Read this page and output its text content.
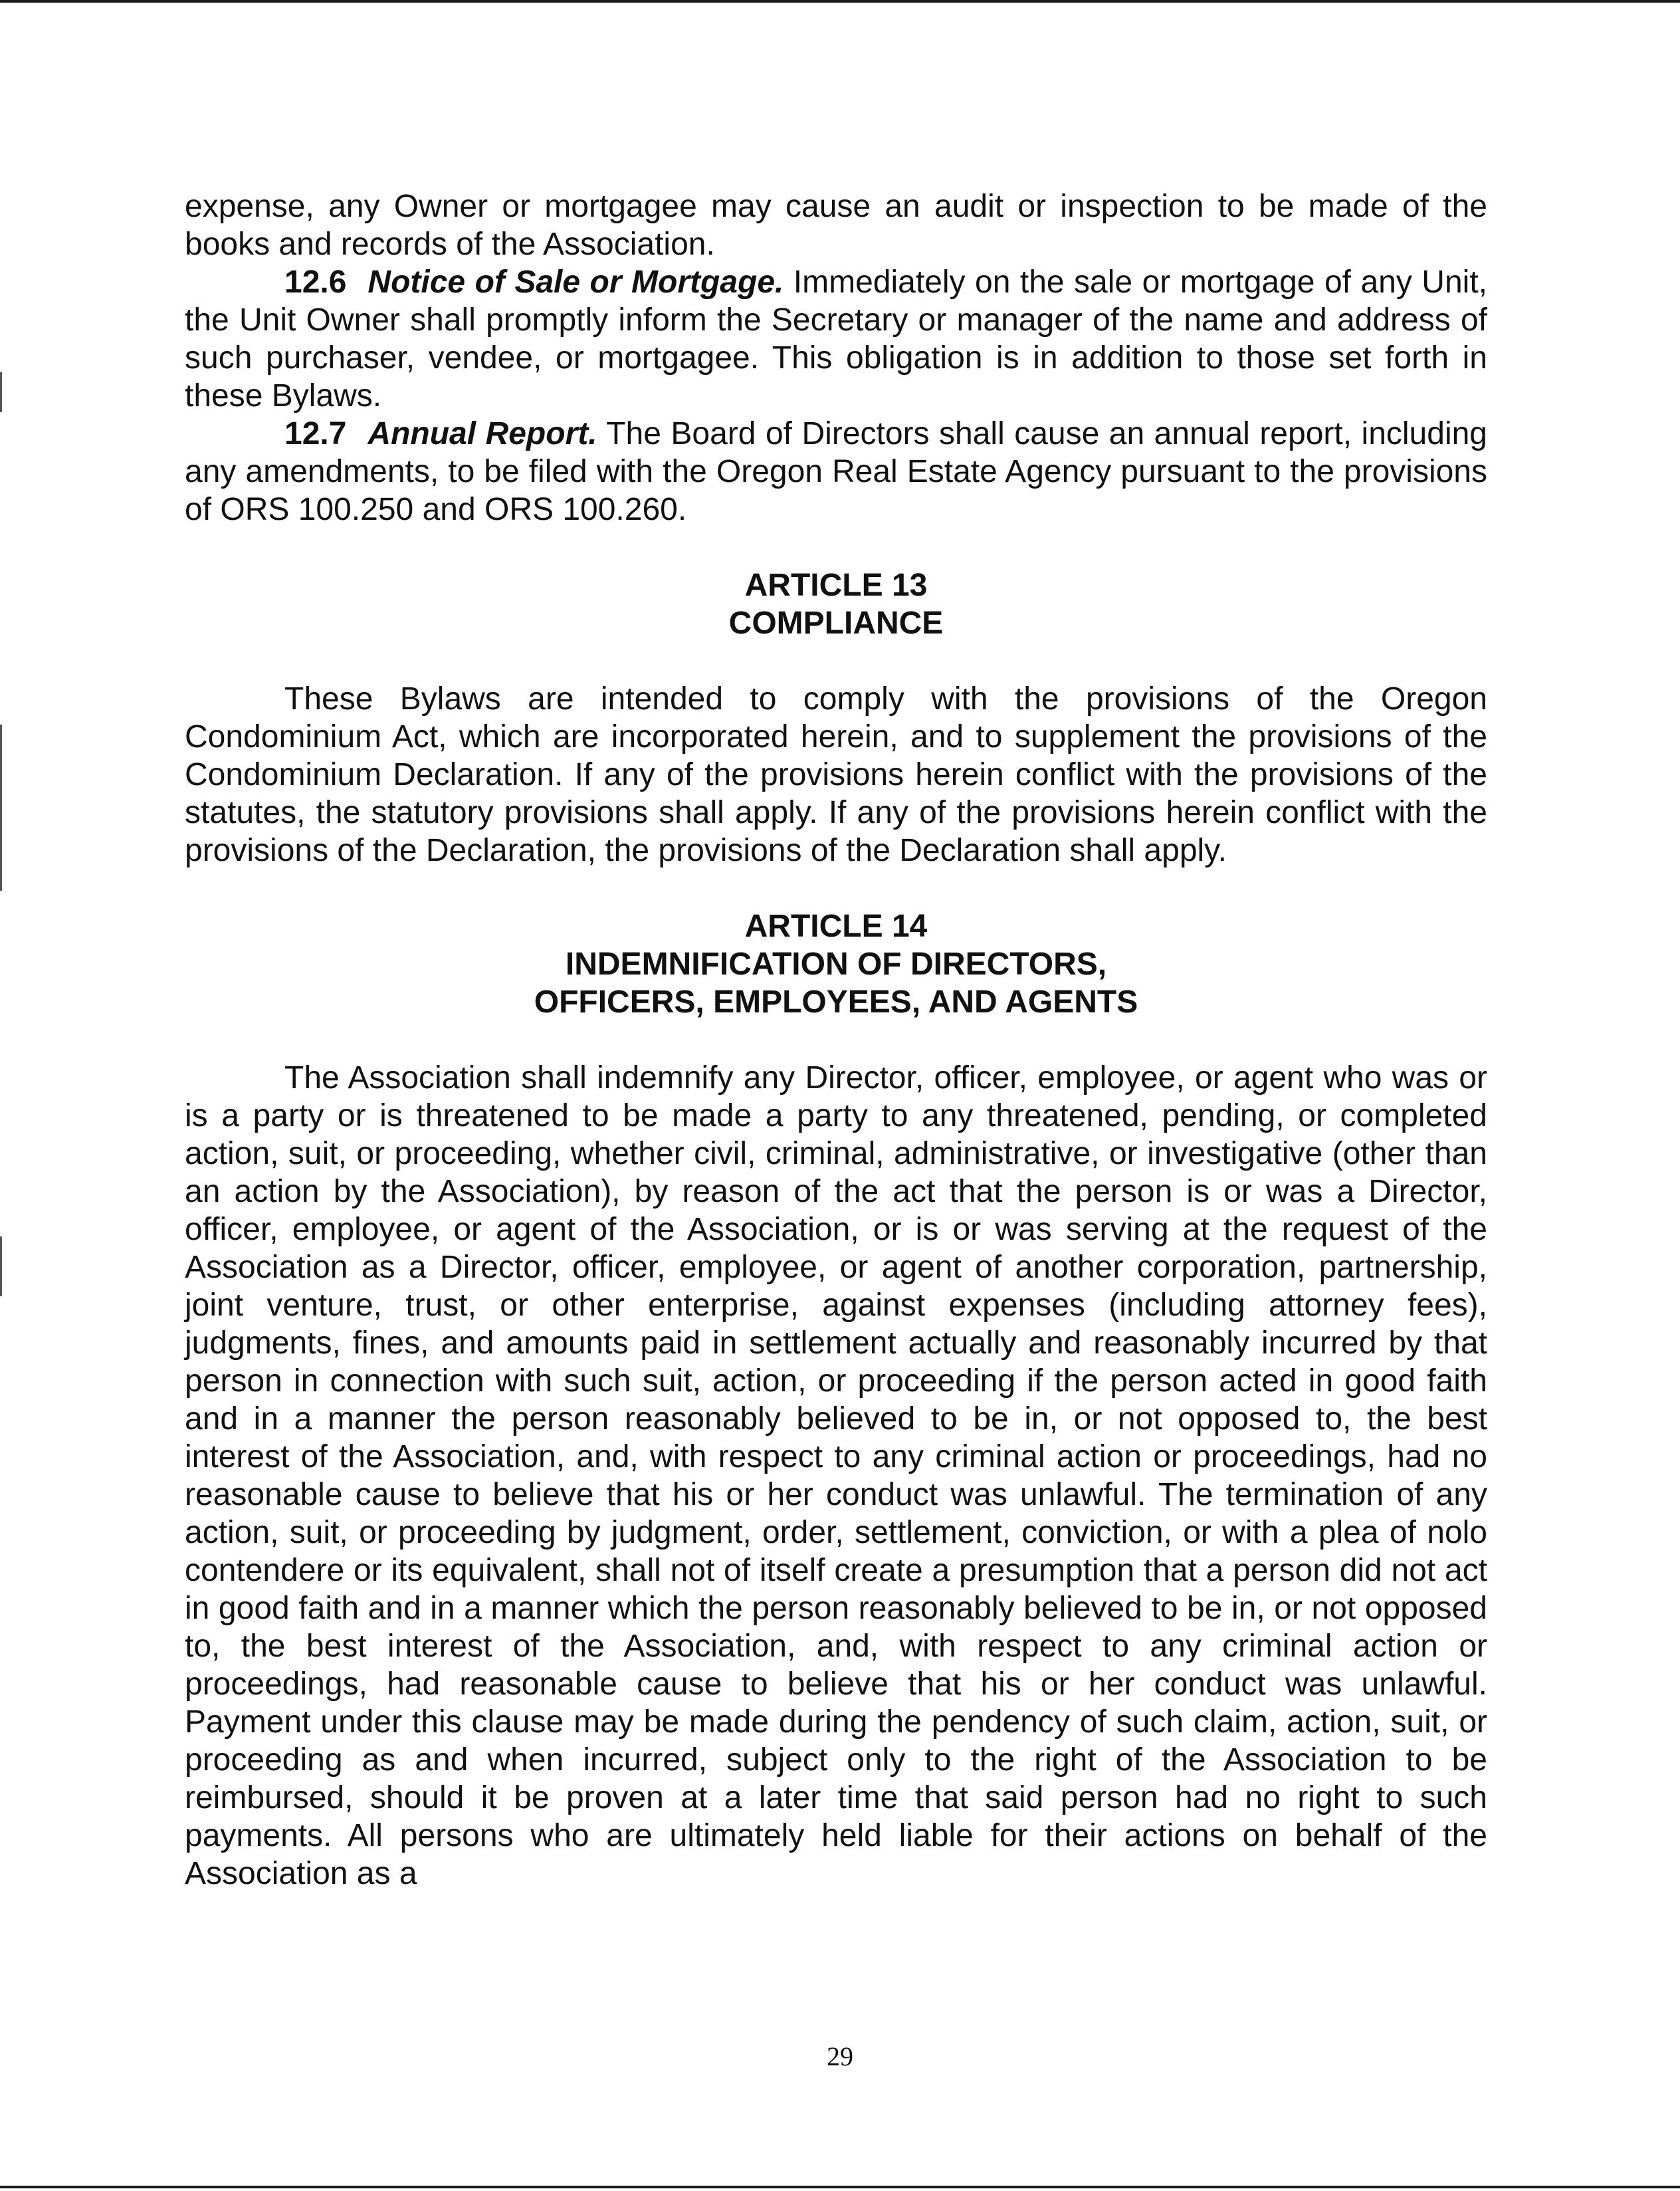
expense, any Owner or mortgagee may cause an audit or inspection to be made of the books and records of the Association.

12.6 Notice of Sale or Mortgage. Immediately on the sale or mortgage of any Unit, the Unit Owner shall promptly inform the Secretary or manager of the name and address of such purchaser, vendee, or mortgagee. This obligation is in addition to those set forth in these Bylaws.

12.7 Annual Report. The Board of Directors shall cause an annual report, including any amendments, to be filed with the Oregon Real Estate Agency pursuant to the provisions of ORS 100.250 and ORS 100.260.

ARTICLE 13
COMPLIANCE

These Bylaws are intended to comply with the provisions of the Oregon Condominium Act, which are incorporated herein, and to supplement the provisions of the Condominium Declaration. If any of the provisions herein conflict with the provisions of the statutes, the statutory provisions shall apply. If any of the provisions herein conflict with the provisions of the Declaration, the provisions of the Declaration shall apply.

ARTICLE 14
INDEMNIFICATION OF DIRECTORS,
OFFICERS, EMPLOYEES, AND AGENTS

The Association shall indemnify any Director, officer, employee, or agent who was or is a party or is threatened to be made a party to any threatened, pending, or completed action, suit, or proceeding, whether civil, criminal, administrative, or investigative (other than an action by the Association), by reason of the act that the person is or was a Director, officer, employee, or agent of the Association, or is or was serving at the request of the Association as a Director, officer, employee, or agent of another corporation, partnership, joint venture, trust, or other enterprise, against expenses (including attorney fees), judgments, fines, and amounts paid in settlement actually and reasonably incurred by that person in connection with such suit, action, or proceeding if the person acted in good faith and in a manner the person reasonably believed to be in, or not opposed to, the best interest of the Association, and, with respect to any criminal action or proceedings, had no reasonable cause to believe that his or her conduct was unlawful. The termination of any action, suit, or proceeding by judgment, order, settlement, conviction, or with a plea of nolo contendere or its equivalent, shall not of itself create a presumption that a person did not act in good faith and in a manner which the person reasonably believed to be in, or not opposed to, the best interest of the Association, and, with respect to any criminal action or proceedings, had reasonable cause to believe that his or her conduct was unlawful. Payment under this clause may be made during the pendency of such claim, action, suit, or proceeding as and when incurred, subject only to the right of the Association to be reimbursed, should it be proven at a later time that said person had no right to such payments. All persons who are ultimately held liable for their actions on behalf of the Association as a

29
